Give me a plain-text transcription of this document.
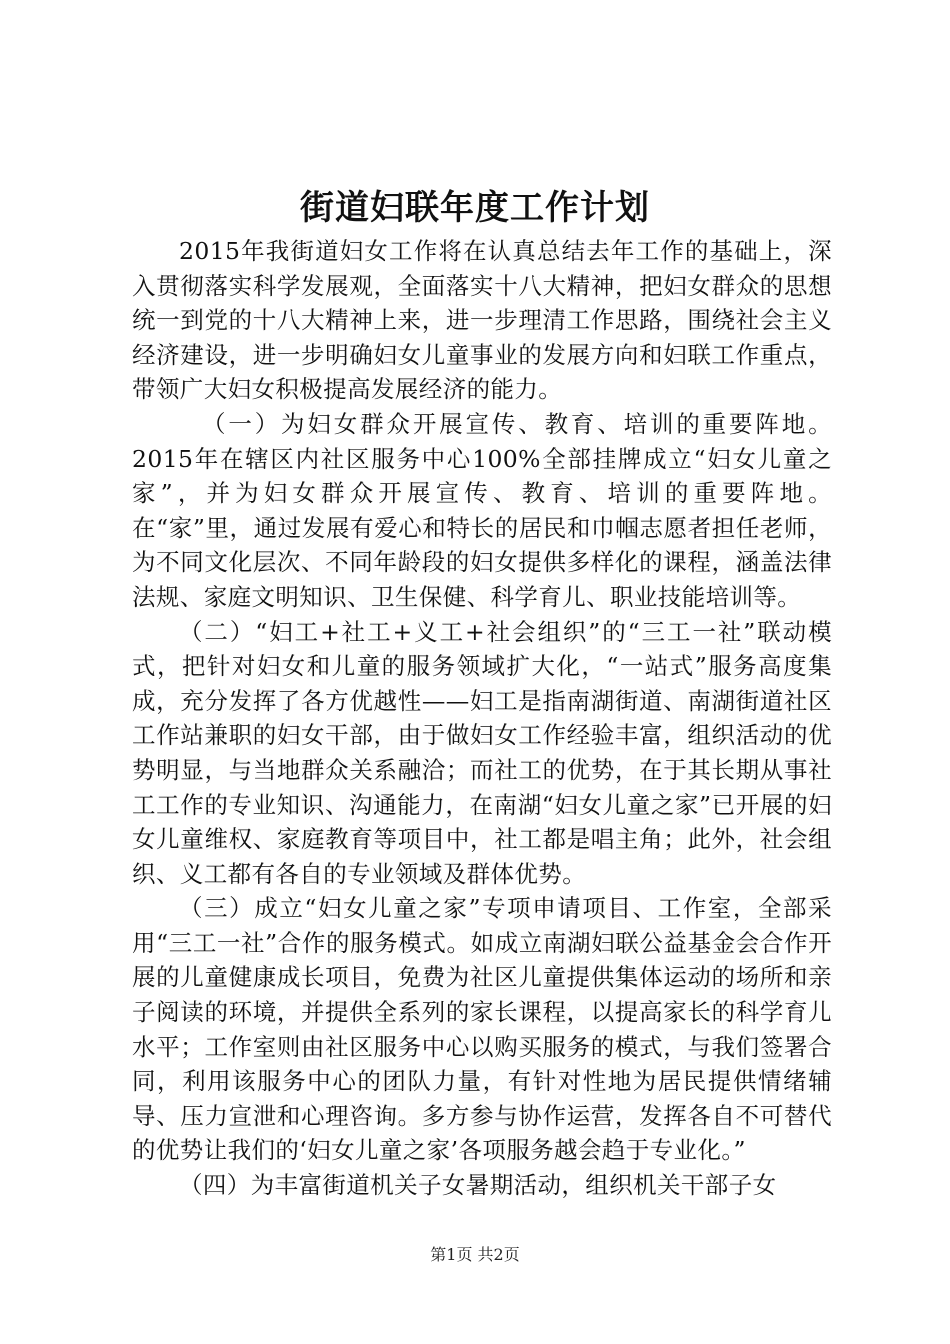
街道妇联年度工作计划

2015年我街道妇女工作将在认真总结去年工作的基础上，深入贯彻落实科学发展观，全面落实十八大精神，把妇女群众的思想统一到党的十八大精神上来，进一步理清工作思路，围绕社会主义经济建设，进一步明确妇女儿童事业的发展方向和妇联工作重点，带领广大妇女积极提高发展经济的能力。

（一）为妇女群众开展宣传、教育、培训的重要阵地。2015年在辖区内社区服务中心100%全部挂牌成立“妇女儿童之家”，并为妇女群众开展宣传、教育、培训的重要阵地。在“家”里，通过发展有爱心和特长的居民和巾帼志愿者担任老师，为不同文化层次、不同年龄段的妇女提供多样化的课程，涵盖法律法规、家庭文明知识、卫生保健、科学育儿、职业技能培训等。

（二）“妇工+社工+义工+社会组织”的“三工一社”联动模式，把针对妇女和儿童的服务领域扩大化，“一站式”服务高度集成，充分发挥了各方优越性——妇工是指南湖街道、南湖街道社区工作站兼职的妇女干部，由于做妇女工作经验丰富，组织活动的优势明显，与当地群众关系融洽；而社工的优势，在于其长期从事社工工作的专业知识、沟通能力，在南湖“妇女儿童之家”已开展的妇女儿童维权、家庭教育等项目中，社工都是唱主角；此外，社会组织、义工都有各自的专业领域及群体优势。

（三）成立“妇女儿童之家”专项申请项目、工作室，全部采用“三工一社”合作的服务模式。如成立南湖妇联公益基金会合作开展的儿童健康成长项目，免费为社区儿童提供集体运动的场所和亲子阅读的环境，并提供全系列的家长课程，以提高家长的科学育儿水平；工作室则由社区服务中心以购买服务的模式，与我们签署合同，利用该服务中心的团队力量，有针对性地为居民提供情绪辅导、压力宣泄和心理咨询。多方参与协作运营，发挥各自不可替代的优势让我们的‘妇女儿童之家’各项服务越会趋于专业化。”

（四）为丰富街道机关子女暑期活动，组织机关干部子女

第1页 共2页
